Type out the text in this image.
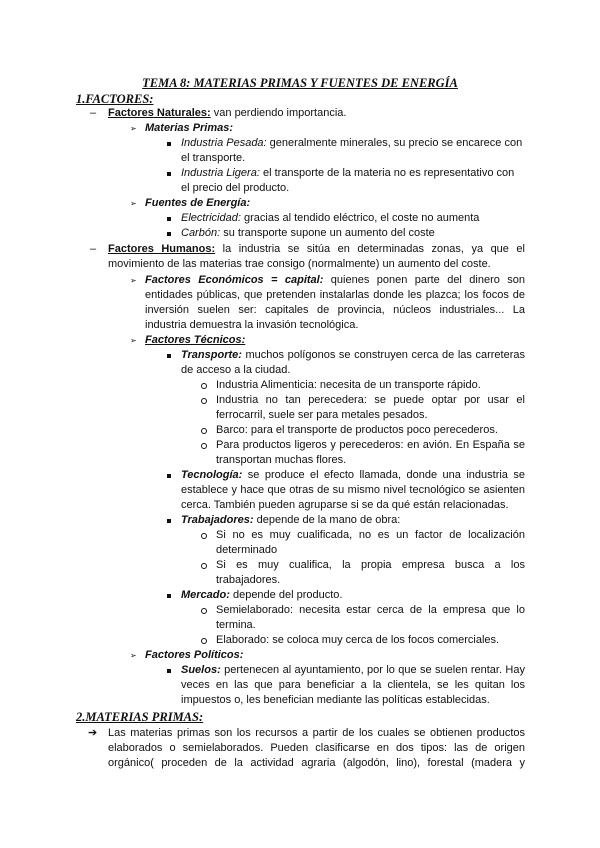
TEMA 8: MATERIAS PRIMAS Y FUENTES DE ENERGÍA
1.FACTORES:
– Factores Naturales: van perdiendo importancia.
➢ Materias Primas:
Industria Pesada: generalmente minerales, su precio se encarece con
el transporte.
Industria Ligera: el transporte de la materia no es representativo con
el precio del producto.
➢ Fuentes de Energía:
Electricidad: gracias al tendido eléctrico, el coste no aumenta
Carbón: su transporte supone un aumento del coste
– Factores Humanos: la industria se sitúa en determinadas zonas, ya que el
movimiento de las materias trae consigo (normalmente) un aumento del coste.
➢ Factores Económicos = capital: quienes ponen parte del dinero son
entidades públicas, que pretenden instalarlas donde les plazca; los focos de
inversión suelen ser: capitales de provincia, núcleos industriales... La
industria demuestra la invasión tecnológica.
➢ Factores Técnicos:
Transporte: muchos polígonos se construyen cerca de las carreteras
de acceso a la ciudad.
Industria Alimenticia: necesita de un transporte rápido.
Industria no tan perecedera: se puede optar por usar el
ferrocarril, suele ser para metales pesados.
Barco: para el transporte de productos poco perecederos.
Para productos ligeros y perecederos: en avión. En España se
transportan muchas flores.
Tecnología: se produce el efecto llamada, donde una industria se
establece y hace que otras de su mismo nivel tecnológico se asienten
cerca. También pueden agruparse si se da qué están relacionadas.
Trabajadores: depende de la mano de obra:
Si no es muy cualificada, no es un factor de localización
determinado
Si es muy cualifica, la propia empresa busca a los
trabajadores.
Mercado: depende del producto.
Semielaborado: necesita estar cerca de la empresa que lo
termina.
Elaborado: se coloca muy cerca de los focos comerciales.
➢ Factores Políticos:
Suelos: pertenecen al ayuntamiento, por lo que se suelen rentar. Hay
veces en las que para beneficiar a la clientela, se les quitan los
impuestos o, les benefician mediante las políticas establecidas.
2.MATERIAS PRIMAS:
➔ Las materias primas son los recursos a partir de los cuales se obtienen productos
elaborados o semielaborados. Pueden clasificarse en dos tipos: las de origen
orgánico( proceden de la actividad agraria (algodón, lino), forestal (madera y
